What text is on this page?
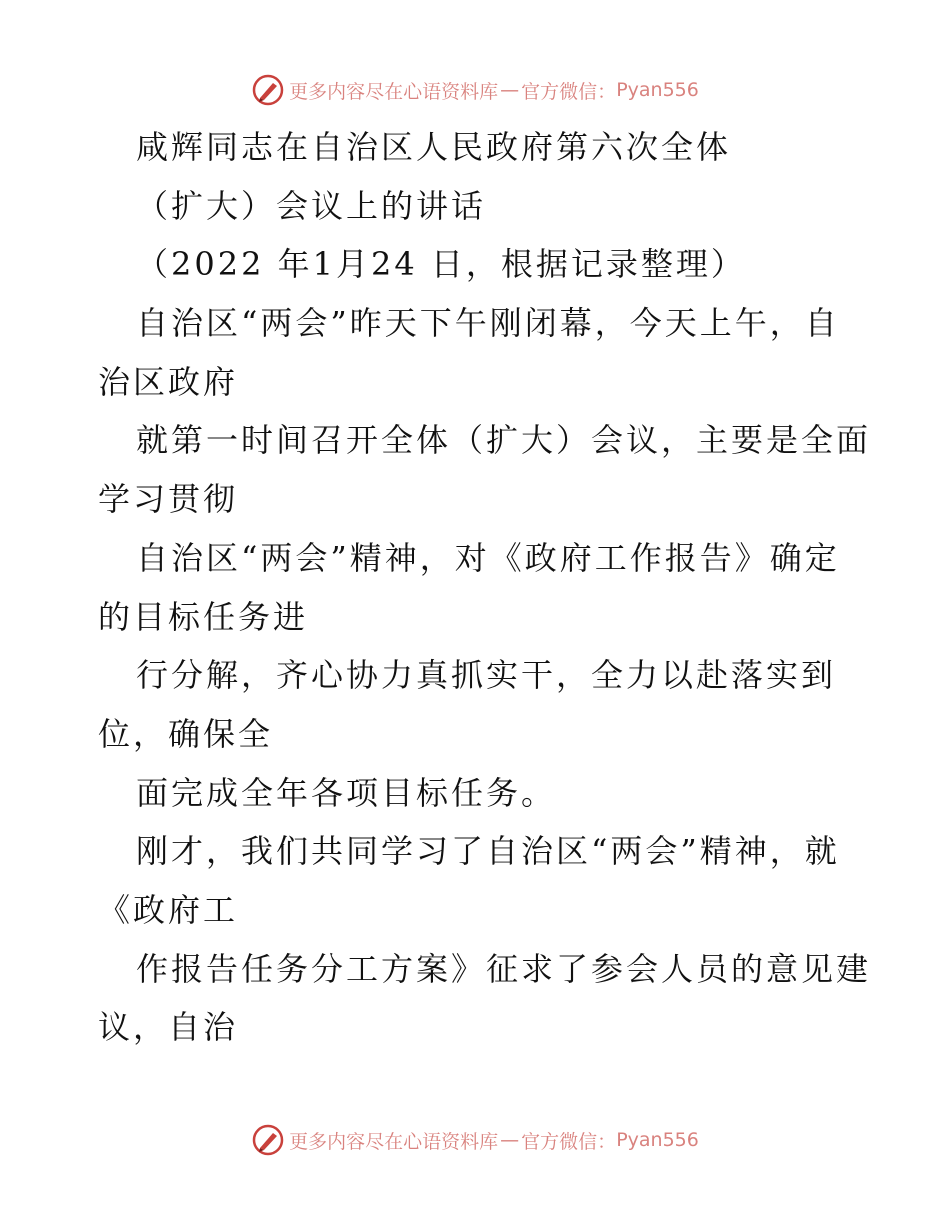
更多内容尽在心语资料库 — 官方微信： Pyan556
咸辉同志在自治区人民政府第六次全体
（扩大）会议上的讲话
（2022 年1月24 日，根据记录整理）
自治区“两会”昨天下午刚闭幕，今天上午，自
治区政府
就第一时间召开全体（扩大）会议，主要是全面
学习贯彻
自治区“两会”精神，对《政府工作报告》确定
的目标任务进
行分解，齐心协力真抓实干，全力以赴落实到
位，确保全
面完成全年各项目标任务。
刚才，我们共同学习了自治区“两会”精神，就
《政府工
作报告任务分工方案》征求了参会人员的意见建
议，自治
更多内容尽在心语资料库 — 官方微信： Pyan556
